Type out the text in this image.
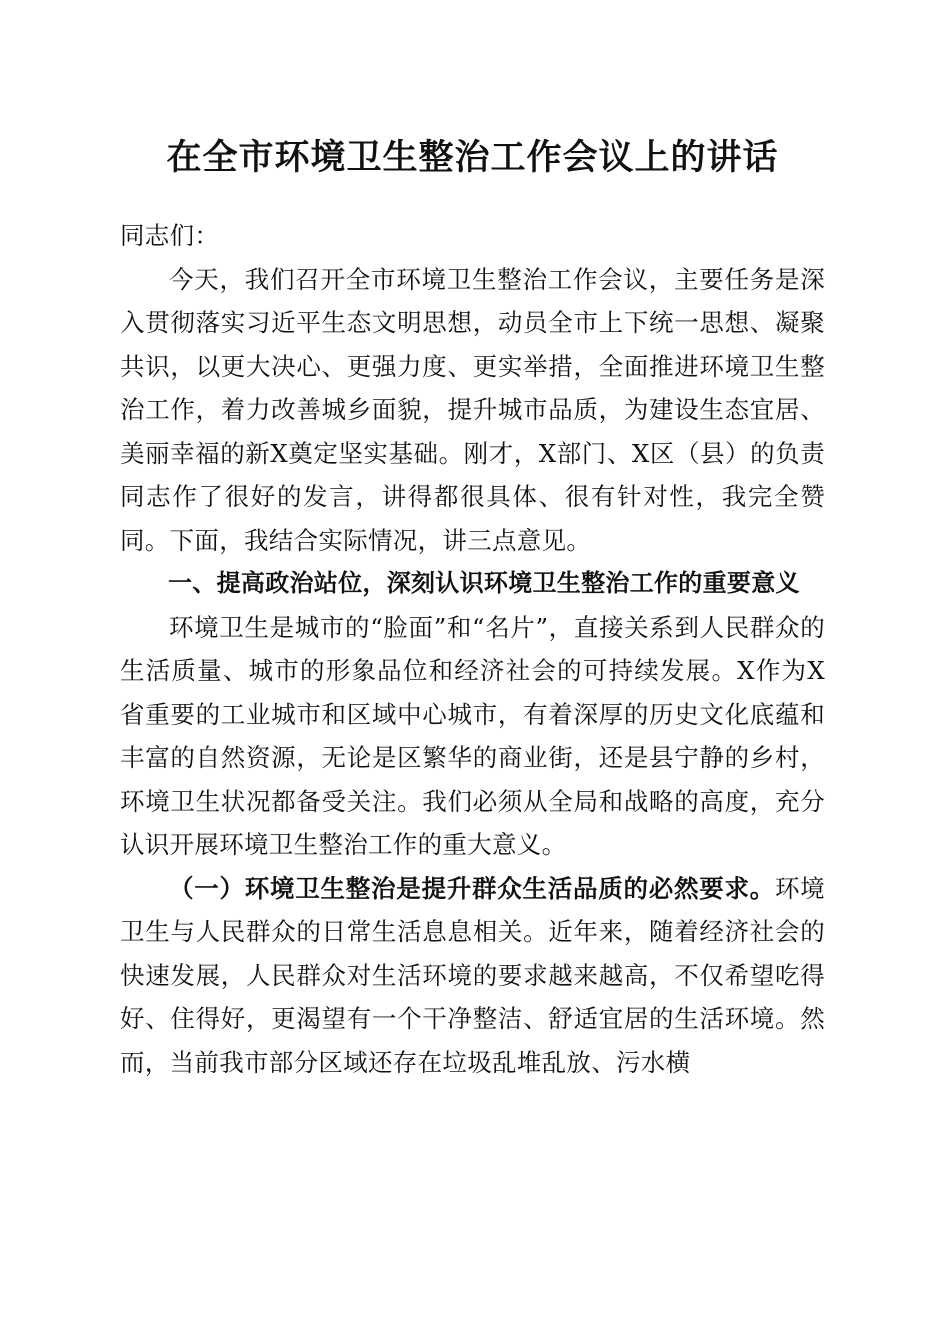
在全市环境卫生整治工作会议上的讲话

同志们：

今天，我们召开全市环境卫生整治工作会议，主要任务是深入贯彻落实习近平生态文明思想，动员全市上下统一思想、凝聚共识，以更大决心、更强力度、更实举措，全面推进环境卫生整治工作，着力改善城乡面貌，提升城市品质，为建设生态宜居、美丽幸福的新X奠定坚实基础。刚才，X部门、X区（县）的负责同志作了很好的发言，讲得都很具体、很有针对性，我完全赞同。下面，我结合实际情况，讲三点意见。

一、提高政治站位，深刻认识环境卫生整治工作的重要意义

环境卫生是城市的“脸面”和“名片”，直接关系到人民群众的生活质量、城市的形象品位和经济社会的可持续发展。X作为X省重要的工业城市和区域中心城市，有着深厚的历史文化底蕴和丰富的自然资源，无论是区繁华的商业街，还是县宁静的乡村，环境卫生状况都备受关注。我们必须从全局和战略的高度，充分认识开展环境卫生整治工作的重大意义。

（一）环境卫生整治是提升群众生活品质的必然要求。环境卫生与人民群众的日常生活息息相关。近年来，随着经济社会的快速发展，人民群众对生活环境的要求越来越高，不仅希望吃得好、住得好，更渴望有一个干净整洁、舒适宜居的生活环境。然而，当前我市部分区域还存在垃圾乱堆乱放、污水横
